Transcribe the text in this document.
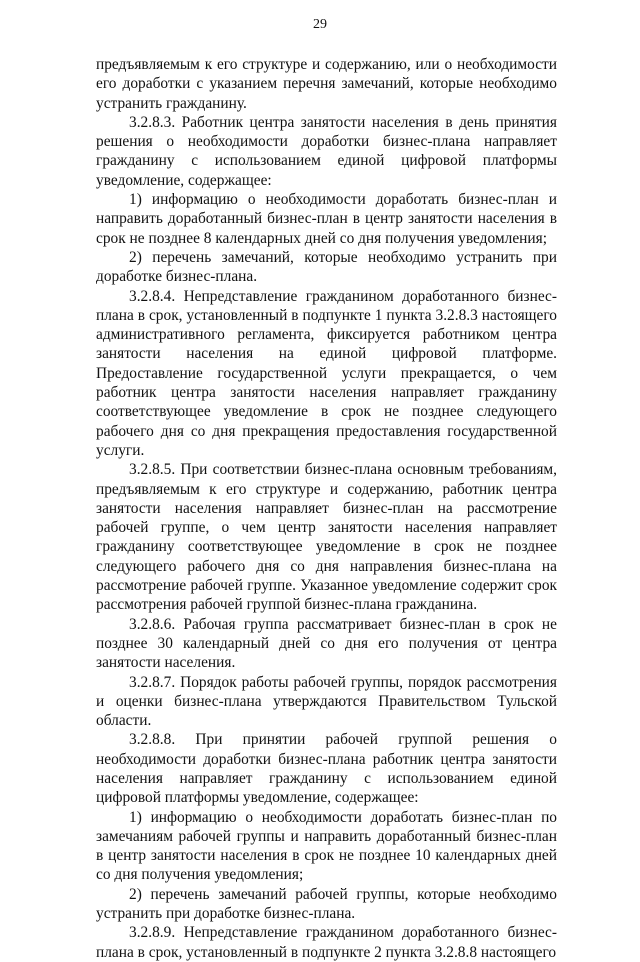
29

предъявляемым к его структуре и содержанию, или о необходимости его доработки с указанием перечня замечаний, которые необходимо устранить гражданину.

3.2.8.3. Работник центра занятости населения в день принятия решения о необходимости доработки бизнес-плана направляет гражданину с использованием единой цифровой платформы уведомление, содержащее:

1) информацию о необходимости доработать бизнес-план и направить доработанный бизнес-план в центр занятости населения в срок не позднее 8 календарных дней со дня получения уведомления;

2) перечень замечаний, которые необходимо устранить при доработке бизнес-плана.

3.2.8.4. Непредставление гражданином доработанного бизнес-плана в срок, установленный в подпункте 1 пункта 3.2.8.3 настоящего административного регламента, фиксируется работником центра занятости населения на единой цифровой платформе. Предоставление государственной услуги прекращается, о чем работник центра занятости населения направляет гражданину соответствующее уведомление в срок не позднее следующего рабочего дня со дня прекращения предоставления государственной услуги.

3.2.8.5. При соответствии бизнес-плана основным требованиям, предъявляемым к его структуре и содержанию, работник центра занятости населения направляет бизнес-план на рассмотрение рабочей группе, о чем центр занятости населения направляет гражданину соответствующее уведомление в срок не позднее следующего рабочего дня со дня направления бизнес-плана на рассмотрение рабочей группе. Указанное уведомление содержит срок рассмотрения рабочей группой бизнес-плана гражданина.

3.2.8.6. Рабочая группа рассматривает бизнес-план в срок не позднее 30 календарный дней со дня его получения от центра занятости населения.

3.2.8.7. Порядок работы рабочей группы, порядок рассмотрения и оценки бизнес-плана утверждаются Правительством Тульской области.

3.2.8.8. При принятии рабочей группой решения о необходимости доработки бизнес-плана работник центра занятости населения направляет гражданину с использованием единой цифровой платформы уведомление, содержащее:

1) информацию о необходимости доработать бизнес-план по замечаниям рабочей группы и направить доработанный бизнес-план в центр занятости населения в срок не позднее 10 календарных дней со дня получения уведомления;

2) перечень замечаний рабочей группы, которые необходимо устранить при доработке бизнес-плана.

3.2.8.9. Непредставление гражданином доработанного бизнес-плана в срок, установленный в подпункте 2 пункта 3.2.8.8 настоящего
